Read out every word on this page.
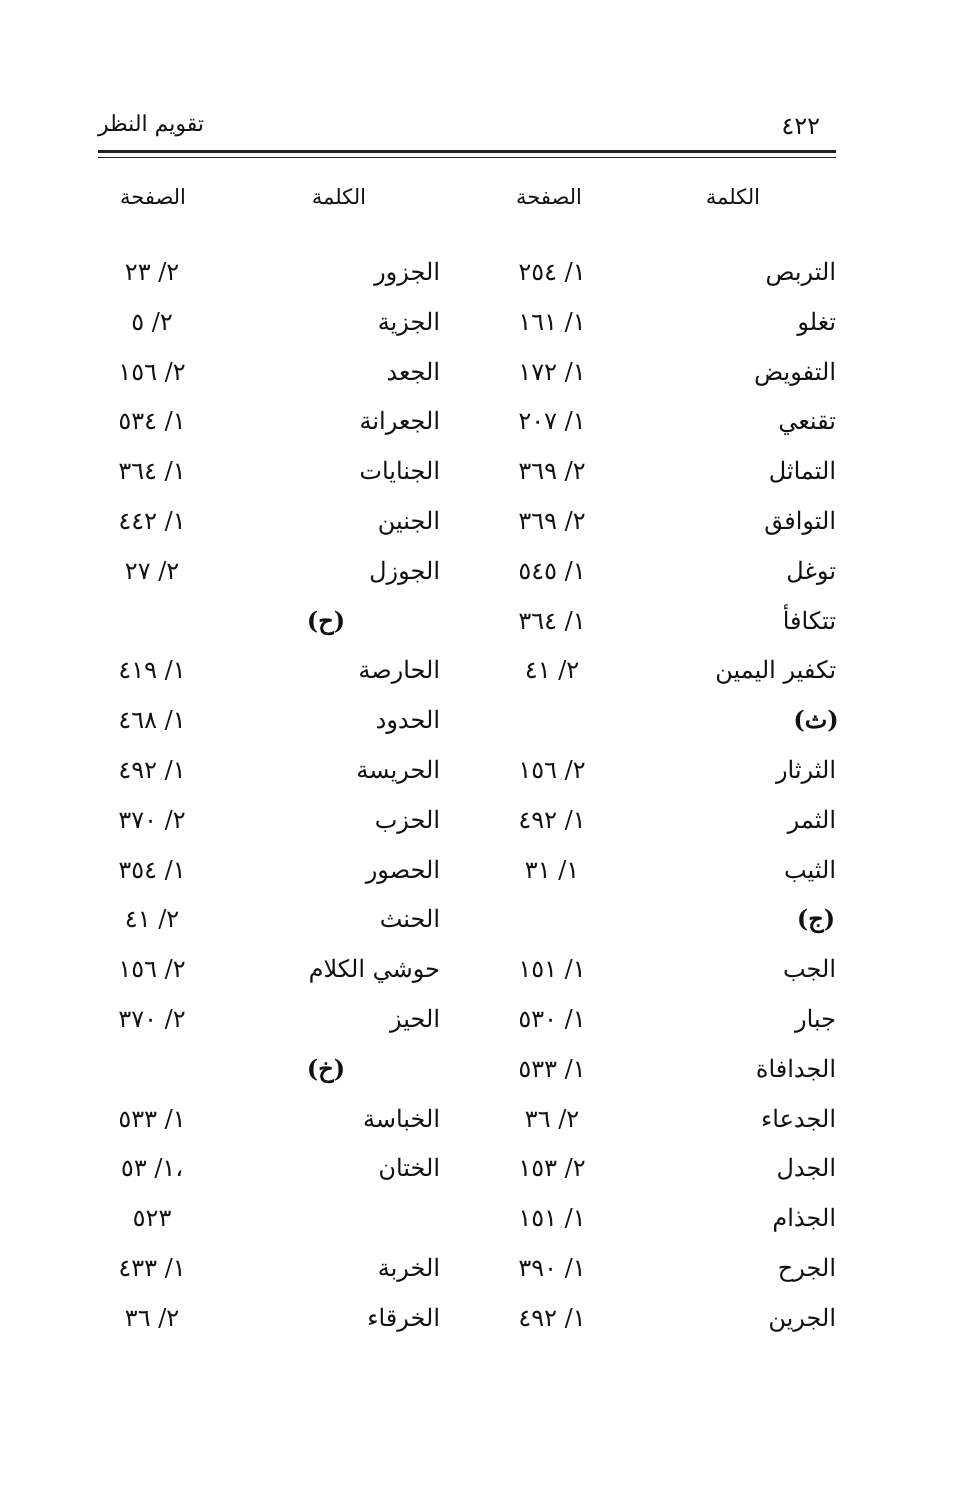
٤٢٢
تقويم النظر
الكلمة
الصفحة
الكلمة
الصفحة
التربص
١/ ٢٥٤
تغلو
١/ ١٦١
التفويض
١/ ١٧٢
تقنعي
١/ ٢٠٧
التماثل
٢/ ٣٦٩
التوافق
٢/ ٣٦٩
توغل
١/ ٥٤٥
تتكافأ
١/ ٣٦٤
تكفير اليمين
٢/ ٤١
(ث)
الثرثار
٢/ ١٥٦
الثمر
١/ ٤٩٢
الثيب
١/ ٣١
(ج)
الجب
١/ ١٥١
جبار
١/ ٥٣٠
الجدافاة
١/ ٥٣٣
الجدعاء
٢/ ٣٦
الجدل
٢/ ١٥٣
الجذام
١/ ١٥١
الجرح
١/ ٣٩٠
الجرين
١/ ٤٩٢
الجزور
٢/ ٢٣
الجزية
٢/ ٥
الجعد
٢/ ١٥٦
الجعرانة
١/ ٥٣٤
الجنايات
١/ ٣٦٤
الجنين
١/ ٤٤٢
الجوزل
٢/ ٢٧
(ح)
الحارصة
١/ ٤١٩
الحدود
١/ ٤٦٨
الحريسة
١/ ٤٩٢
الحزب
٢/ ٣٧٠
الحصور
١/ ٣٥٤
الحنث
٢/ ٤١
حوشي الكلام
٢/ ١٥٦
الحيز
٢/ ٣٧٠
(خ)
الخباسة
١/ ٥٣٣
الختان
١/ ٥٣،
٥٢٣
الخربة
١/ ٤٣٣
الخرقاء
٢/ ٣٦
